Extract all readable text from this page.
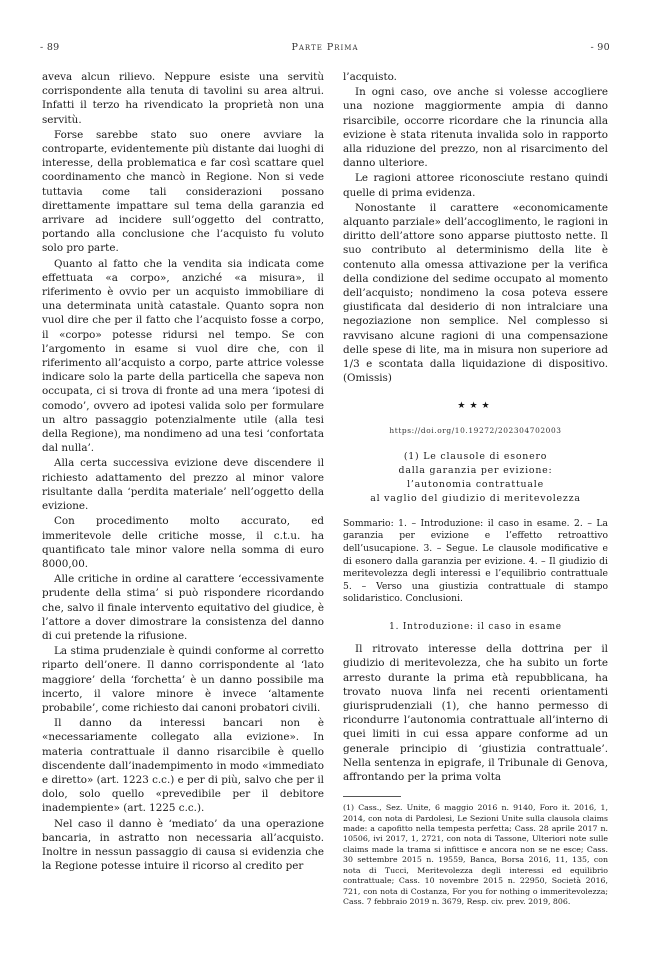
- 89	Parte Prima	- 90

aveva alcun rilievo. Neppure esiste una servitù corrispondente alla tenuta di tavolini su area altrui. Infatti il terzo ha rivendicato la proprietà non una servitù.

Forse sarebbe stato suo onere avviare la controparte, evidentemente più distante dai luoghi di interesse, della problematica e far così scattare quel coordinamento che mancò in Regione. Non si vede tuttavia come tali considerazioni possano direttamente impattare sul tema della garanzia ed arrivare ad incidere sull’oggetto del contratto, portando alla conclusione che l’acquisto fu voluto solo pro parte.

Quanto al fatto che la vendita sia indicata come effettuata «a corpo», anziché «a misura», il riferimento è ovvio per un acquisto immobiliare di una determinata unità catastale. Quanto sopra non vuol dire che per il fatto che l’acquisto fosse a corpo, il «corpo» potesse ridursi nel tempo. Se con l’argomento in esame si vuol dire che, con il riferimento all’acquisto a corpo, parte attrice volesse indicare solo la parte della particella che sapeva non occupata, ci si trova di fronte ad una mera ‘ipotesi di comodo’, ovvero ad ipotesi valida solo per formulare un altro passaggio potenzialmente utile (alla tesi della Regione), ma nondimeno ad una tesi ‘confortata dal nulla’.

Alla certa successiva evizione deve discendere il richiesto adattamento del prezzo al minor valore risultante dalla ‘perdita materiale’ nell’oggetto della evizione.

Con procedimento molto accurato, ed immeritevole delle critiche mosse, il c.t.u. ha quantificato tale minor valore nella somma di euro 8000,00.

Alle critiche in ordine al carattere ‘eccessivamente prudente della stima’ si può rispondere ricordando che, salvo il finale intervento equitativo del giudice, è l’attore a dover dimostrare la consistenza del danno di cui pretende la rifusione.

La stima prudenziale è quindi conforme al corretto riparto dell’onere. Il danno corrispondente al ‘lato maggiore’ della ‘forchetta’ è un danno possibile ma incerto, il valore minore è invece ‘altamente probabile’, come richiesto dai canoni probatori civili.

Il danno da interessi bancari non è «necessariamente collegato alla evizione». In materia contrattuale il danno risarcibile è quello discendente dall’inadempimento in modo «immediato e diretto» (art. 1223 c.c.) e per di più, salvo che per il dolo, solo quello «prevedibile per il debitore inadempiente» (art. 1225 c.c.).

Nel caso il danno è ‘mediato’ da una operazione bancaria, in astratto non necessaria all’acquisto. Inoltre in nessun passaggio di causa si evidenzia che la Regione potesse intuire il ricorso al credito per

l’acquisto.

In ogni caso, ove anche si volesse accogliere una nozione maggiormente ampia di danno risarcibile, occorre ricordare che la rinuncia alla evizione è stata ritenuta invalida solo in rapporto alla riduzione del prezzo, non al risarcimento del danno ulteriore.

Le ragioni attoree riconosciute restano quindi quelle di prima evidenza.

Nonostante il carattere «economicamente alquanto parziale» dell’accoglimento, le ragioni in diritto dell’attore sono apparse piuttosto nette. Il suo contributo al determinismo della lite è contenuto alla omessa attivazione per la verifica della condizione del sedime occupato al momento dell’acquisto; nondimeno la cosa poteva essere giustificata dal desiderio di non intralciare una negoziazione non semplice. Nel complesso si ravvisano alcune ragioni di una compensazione delle spese di lite, ma in misura non superiore ad 1/3 e scontata dalla liquidazione di dispositivo. (Omissis)

★★★
https://doi.org/10.19272/202304702003
(1) Le clausole di esonero
dalla garanzia per evizione:
l’autonomia contrattuale
al vaglio del giudizio di meritevolezza
Sommario: 1. – Introduzione: il caso in esame. 2. – La garanzia per evizione e l’effetto retroattivo dell’usucapione. 3. – Segue. Le clausole modificative e di esonero dalla garanzia per evizione. 4. – Il giudizio di meritevolezza degli interessi e l’equilibrio contrattuale 5. – Verso una giustizia contrattuale di stampo solidaristico. Conclusioni.
1. Introduzione: il caso in esame

Il ritrovato interesse della dottrina per il giudizio di meritevolezza, che ha subito un forte arresto durante la prima età repubblicana, ha trovato nuova linfa nei recenti orientamenti giurisprudenziali (1), che hanno permesso di ricondurre l’autonomia contrattuale all’interno di quei limiti in cui essa appare conforme ad un generale principio di ‘giustizia contrattuale’. Nella sentenza in epigrafe, il Tribunale di Genova, affrontando per la prima volta

(1) Cass., Sez. Unite, 6 maggio 2016 n. 9140, Foro it. 2016, 1, 2014, con nota di Pardolesi, Le Sezioni Unite sulla clausola claims made: a capofitto nella tempesta perfetta; Cass. 28 aprile 2017 n. 10506, ivi 2017, 1, 2721, con nota di Tassone, Ulteriori note sulle claims made la trama si infittisce e ancora non se ne esce; Cass. 30 settembre 2015 n. 19559, Banca, Borsa 2016, 11, 135, con nota di Tucci, Meritevolezza degli interessi ed equilibrio contrattuale; Cass. 10 novembre 2015 n. 22950, Società 2016, 721, con nota di Costanza, For you for nothing o immeritevolezza; Cass. 7 febbraio 2019 n. 3679, Resp. civ. prev. 2019, 806.
